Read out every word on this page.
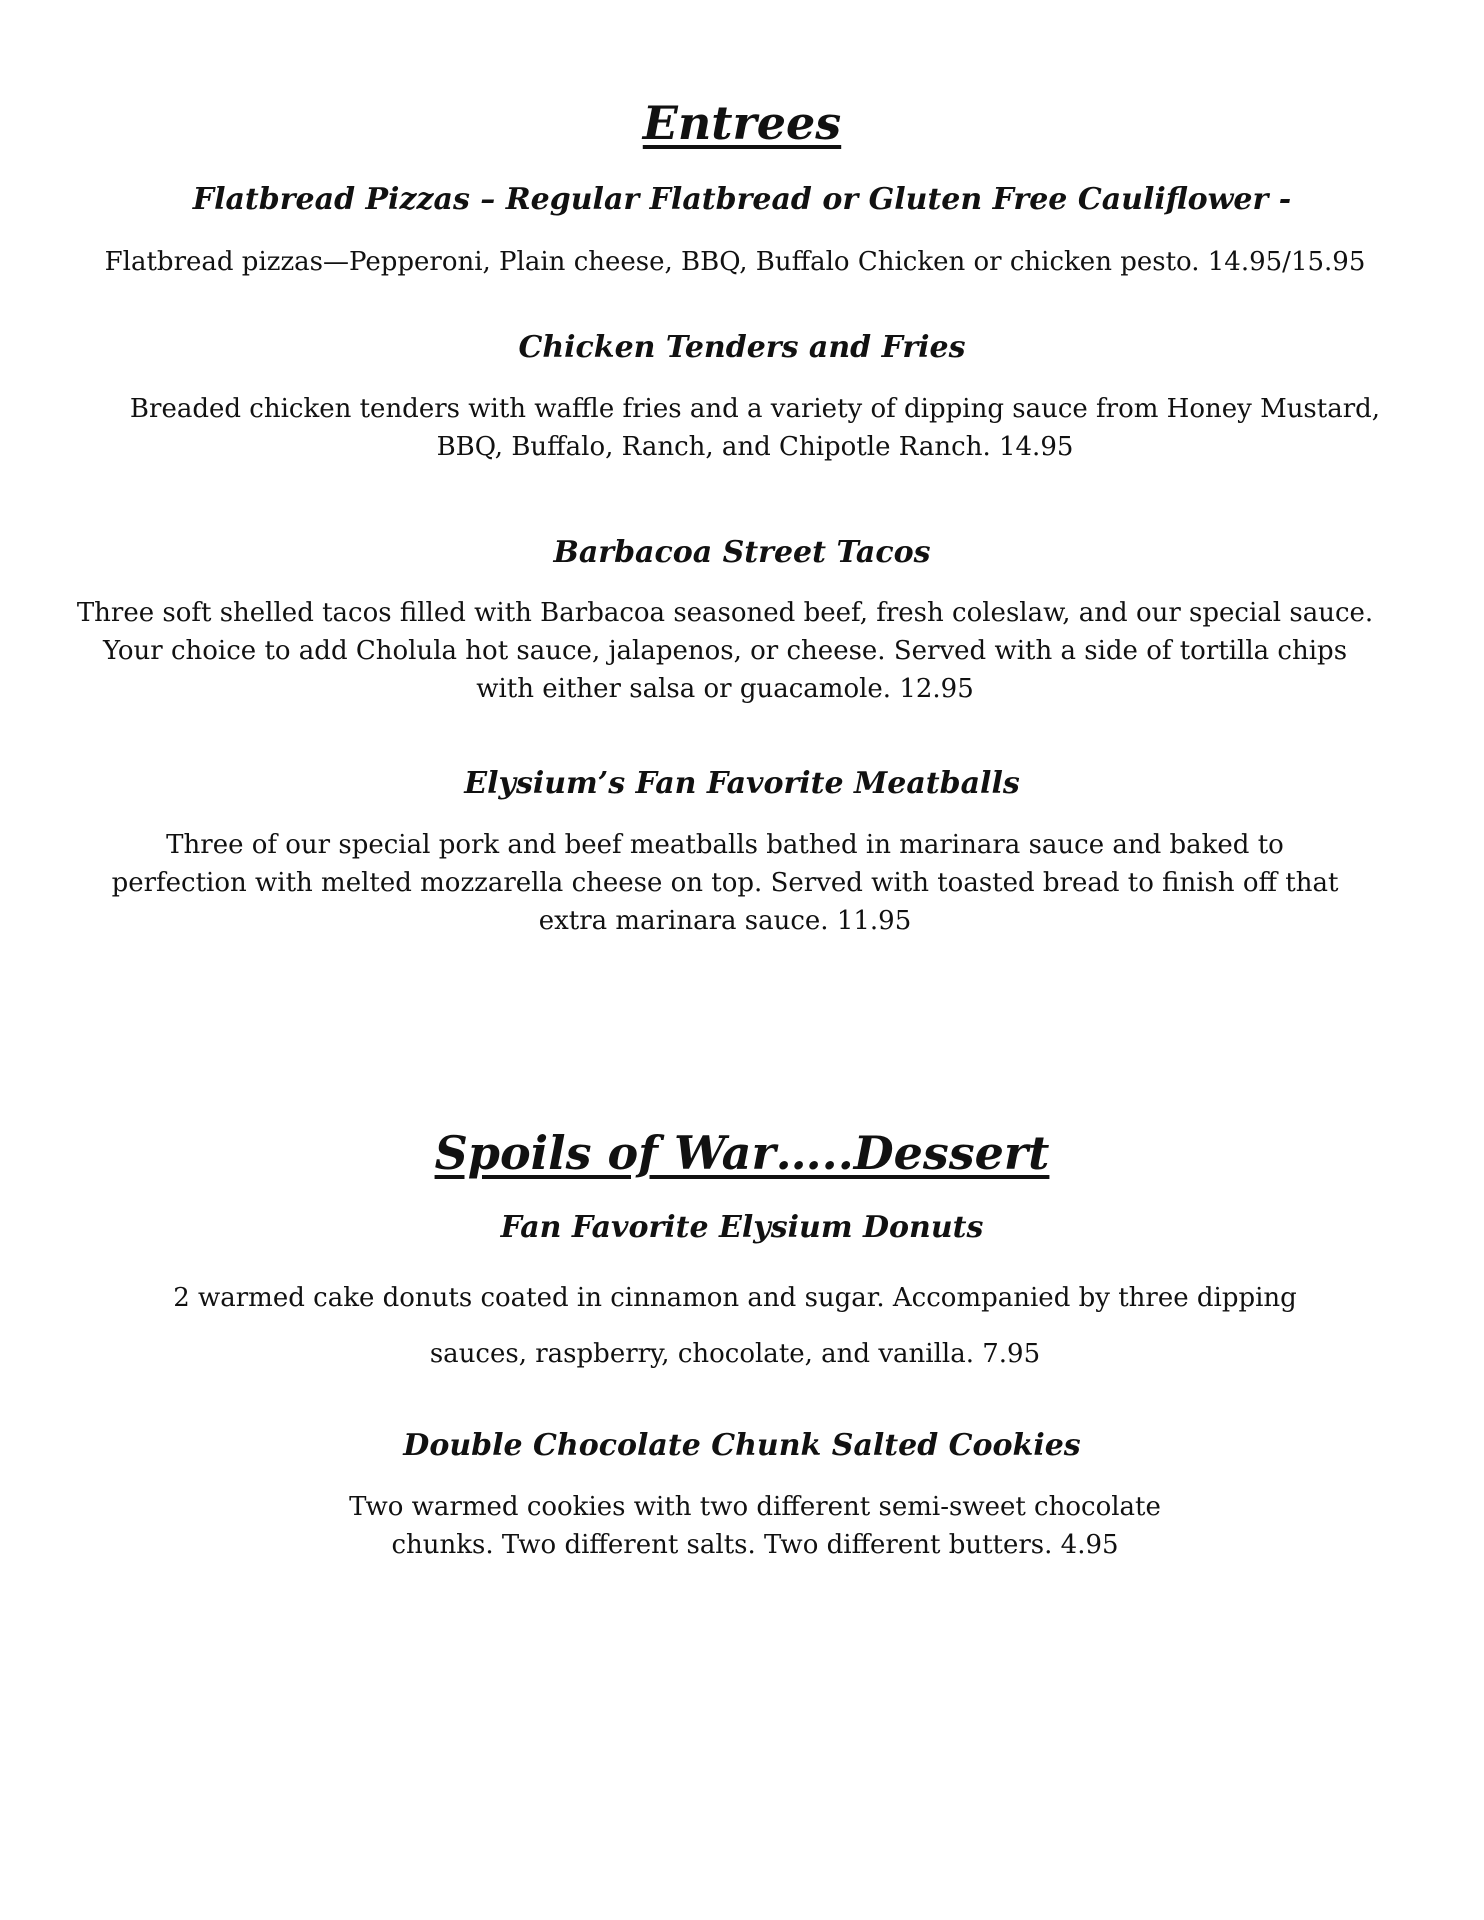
Entrees
Flatbread Pizzas – Regular Flatbread or Gluten Free Cauliflower -
Flatbread pizzas—Pepperoni, Plain cheese, BBQ, Buffalo Chicken or chicken pesto. 14.95/15.95
Chicken Tenders and Fries
Breaded chicken tenders with waffle fries and a variety of dipping sauce from Honey Mustard,
BBQ, Buffalo, Ranch, and Chipotle Ranch. 14.95
Barbacoa Street Tacos
Three soft shelled tacos filled with Barbacoa seasoned beef, fresh coleslaw, and our special sauce.
Your choice to add Cholula hot sauce, jalapenos, or cheese. Served with a side of tortilla chips
with either salsa or guacamole. 12.95
Elysium’s Fan Favorite Meatballs
Three of our special pork and beef meatballs bathed in marinara sauce and baked to
perfection with melted mozzarella cheese on top. Served with toasted bread to finish off that
extra marinara sauce. 11.95
Spoils of War…..Dessert
Fan Favorite Elysium Donuts
2 warmed cake donuts coated in cinnamon and sugar. Accompanied by three dipping
sauces, raspberry, chocolate, and vanilla. 7.95
Double Chocolate Chunk Salted Cookies
Two warmed cookies with two different semi-sweet chocolate
chunks. Two different salts. Two different butters. 4.95
